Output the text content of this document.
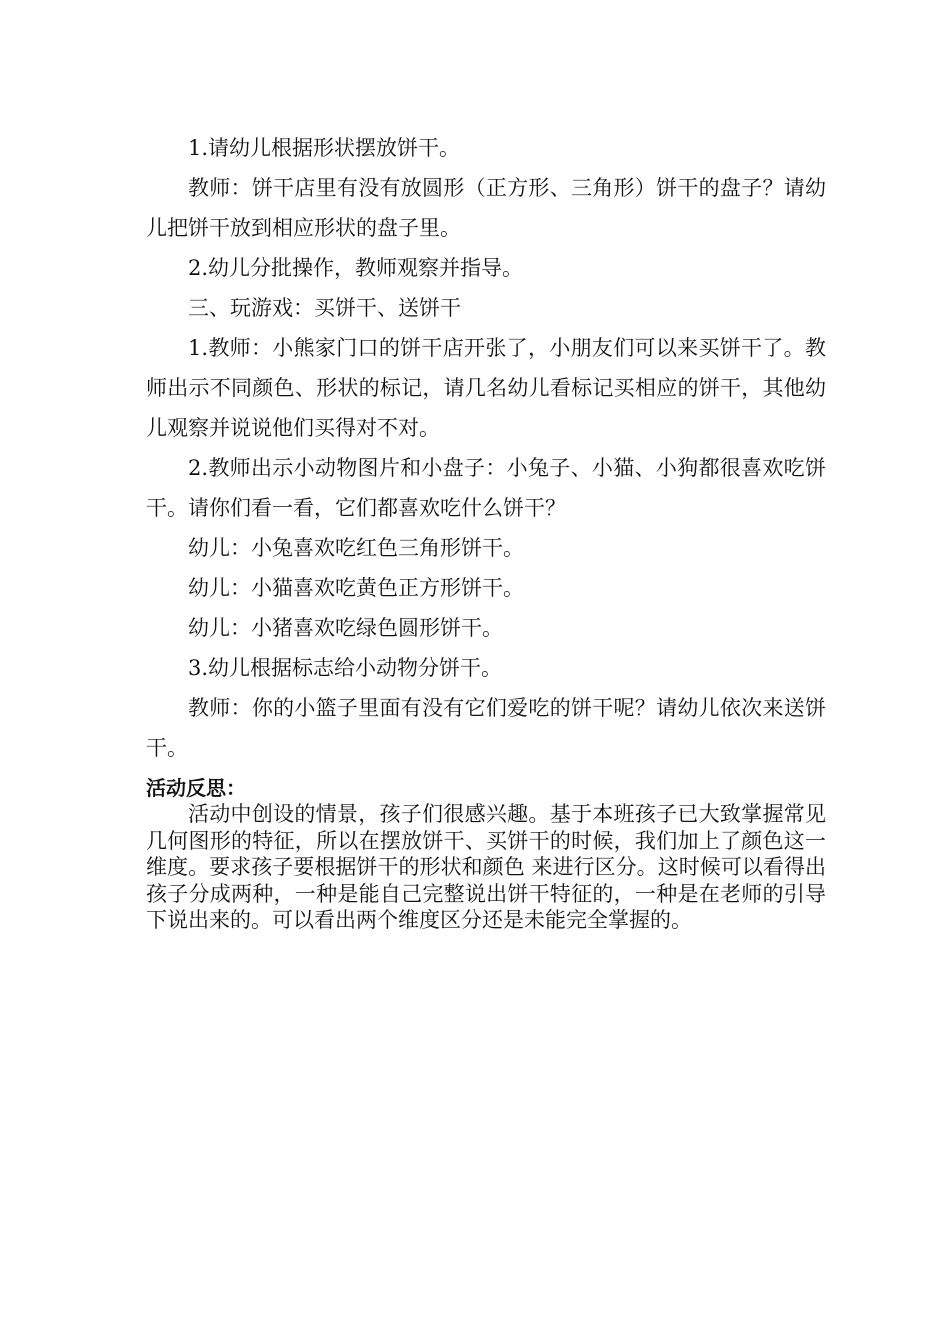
1.请幼儿根据形状摆放饼干。

教师：饼干店里有没有放圆形（正方形、三角形）饼干的盘子？请幼儿把饼干放到相应形状的盘子里。

2.幼儿分批操作，教师观察并指导。

三、玩游戏：买饼干、送饼干

1.教师：小熊家门口的饼干店开张了，小朋友们可以来买饼干了。教师出示不同颜色、形状的标记，请几名幼儿看标记买相应的饼干，其他幼儿观察并说说他们买得对不对。

2.教师出示小动物图片和小盘子：小兔子、小猫、小狗都很喜欢吃饼干。请你们看一看，它们都喜欢吃什么饼干？

幼儿：小兔喜欢吃红色三角形饼干。

幼儿：小猫喜欢吃黄色正方形饼干。

幼儿：小猪喜欢吃绿色圆形饼干。

3.幼儿根据标志给小动物分饼干。

教师：你的小篮子里面有没有它们爱吃的饼干呢？请幼儿依次来送饼干。

活动反思：

活动中创设的情景，孩子们很感兴趣。基于本班孩子已大致掌握常见几何图形的特征，所以在摆放饼干、买饼干的时候，我们加上了颜色这一维度。要求孩子要根据饼干的形状和颜色 来进行区分。这时候可以看得出孩子分成两种，一种是能自己完整说出饼干特征的，一种是在老师的引导下说出来的。可以看出两个维度区分还是未能完全掌握的。
